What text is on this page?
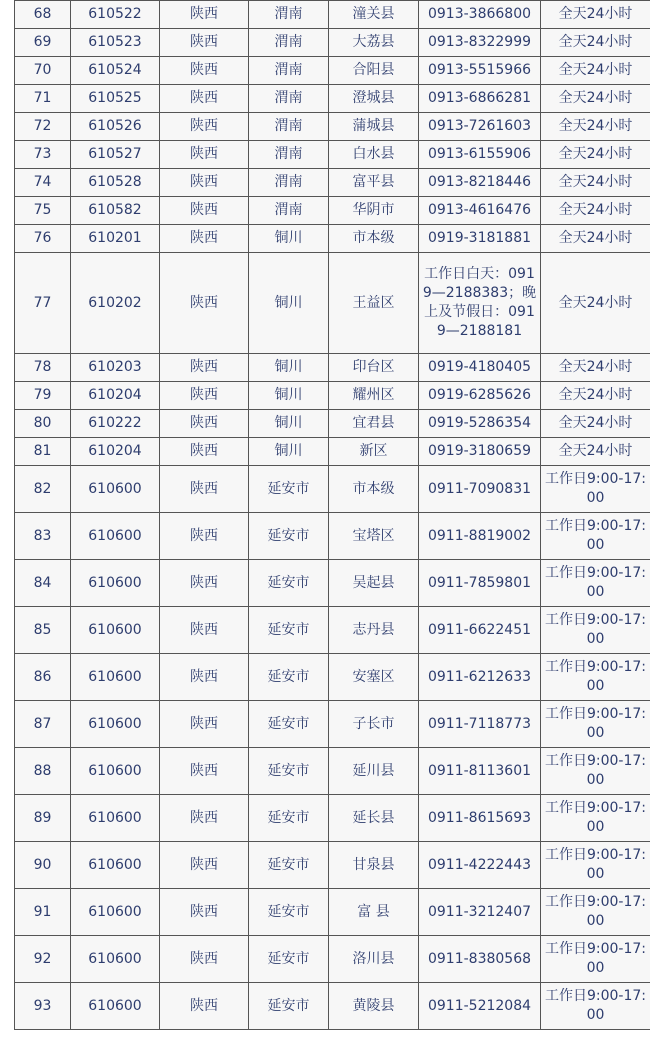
68	610522	陕西	渭南	潼关县	0913-3866800	全天24小时
69	610523	陕西	渭南	大荔县	0913-8322999	全天24小时
70	610524	陕西	渭南	合阳县	0913-5515966	全天24小时
71	610525	陕西	渭南	澄城县	0913-6866281	全天24小时
72	610526	陕西	渭南	蒲城县	0913-7261603	全天24小时
73	610527	陕西	渭南	白水县	0913-6155906	全天24小时
74	610528	陕西	渭南	富平县	0913-8218446	全天24小时
75	610582	陕西	渭南	华阴市	0913-4616476	全天24小时
76	610201	陕西	铜川	市本级	0919-3181881	全天24小时
77	610202	陕西	铜川	王益区	工作日白天：0919—2188383；晚上及节假日：0919—2188181	全天24小时
78	610203	陕西	铜川	印台区	0919-4180405	全天24小时
79	610204	陕西	铜川	耀州区	0919-6285626	全天24小时
80	610222	陕西	铜川	宜君县	0919-5286354	全天24小时
81	610204	陕西	铜川	新区	0919-3180659	全天24小时
82	610600	陕西	延安市	市本级	0911-7090831	工作日9:00-17:00
83	610600	陕西	延安市	宝塔区	0911-8819002	工作日9:00-17:00
84	610600	陕西	延安市	吴起县	0911-7859801	工作日9:00-17:00
85	610600	陕西	延安市	志丹县	0911-6622451	工作日9:00-17:00
86	610600	陕西	延安市	安塞区	0911-6212633	工作日9:00-17:00
87	610600	陕西	延安市	子长市	0911-7118773	工作日9:00-17:00
88	610600	陕西	延安市	延川县	0911-8113601	工作日9:00-17:00
89	610600	陕西	延安市	延长县	0911-8615693	工作日9:00-17:00
90	610600	陕西	延安市	甘泉县	0911-4222443	工作日9:00-17:00
91	610600	陕西	延安市	富 县	0911-3212407	工作日9:00-17:00
92	610600	陕西	延安市	洛川县	0911-8380568	工作日9:00-17:00
93	610600	陕西	延安市	黄陵县	0911-5212084	工作日9:00-17:00
